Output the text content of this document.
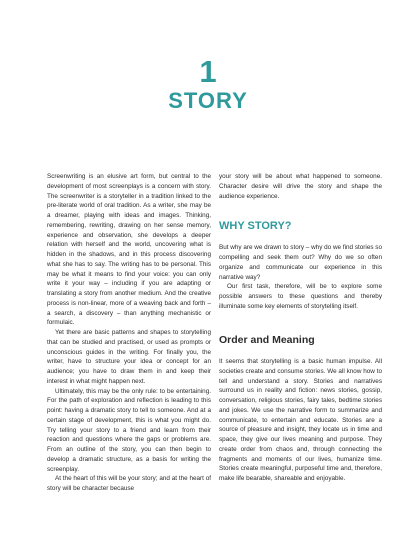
1
STORY

Screenwriting is an elusive art form, but central to the development of most screenplays is a concern with story. The screenwriter is a storyteller in a tradition linked to the pre-literate world of oral tradition. As a writer, she may be a dreamer, playing with ideas and images. Thinking, remembering, rewriting, drawing on her sense memory, experience and observation, she develops a deeper relation with herself and the world, uncovering what is hidden in the shadows, and in this process discovering what she has to say. The writing has to be personal. This may be what it means to find your voice: you can only write it your way – including if you are adapting or translating a story from another medium. And the creative process is non-linear, more of a weaving back and forth – a search, a discovery – than anything mechanistic or formulaic.

Yet there are basic patterns and shapes to storytelling that can be studied and practised, or used as prompts or unconscious guides in the writing. For finally you, the writer, have to structure your idea or concept for an audience; you have to draw them in and keep their interest in what might happen next.

Ultimately, this may be the only rule: to be entertaining. For the path of exploration and reflection is leading to this point: having a dramatic story to tell to someone. And at a certain stage of development, this is what you might do. Try telling your story to a friend and learn from their reaction and questions where the gaps or problems are. From an outline of the story, you can then begin to develop a dramatic structure, as a basis for writing the screenplay.

At the heart of this will be your story; and at the heart of story will be character because

your story will be about what happened to someone. Character desire will drive the story and shape the audience experience.

WHY STORY?

But why are we drawn to story – why do we find stories so compelling and seek them out? Why do we so often organize and communicate our experience in this narrative way?

Our first task, therefore, will be to explore some possible answers to these questions and thereby illuminate some key elements of storytelling itself.

Order and Meaning

It seems that storytelling is a basic human impulse. All societies create and consume stories. We all know how to tell and understand a story. Stories and narratives surround us in reality and fiction: news stories, gossip, conversation, religious stories, fairy tales, bedtime stories and jokes. We use the narrative form to summarize and communicate, to entertain and educate. Stories are a source of pleasure and insight, they locate us in time and space, they give our lives meaning and purpose. They create order from chaos and, through connecting the fragments and moments of our lives, humanize time. Stories create meaningful, purposeful time and, therefore, make life bearable, shareable and enjoyable.
